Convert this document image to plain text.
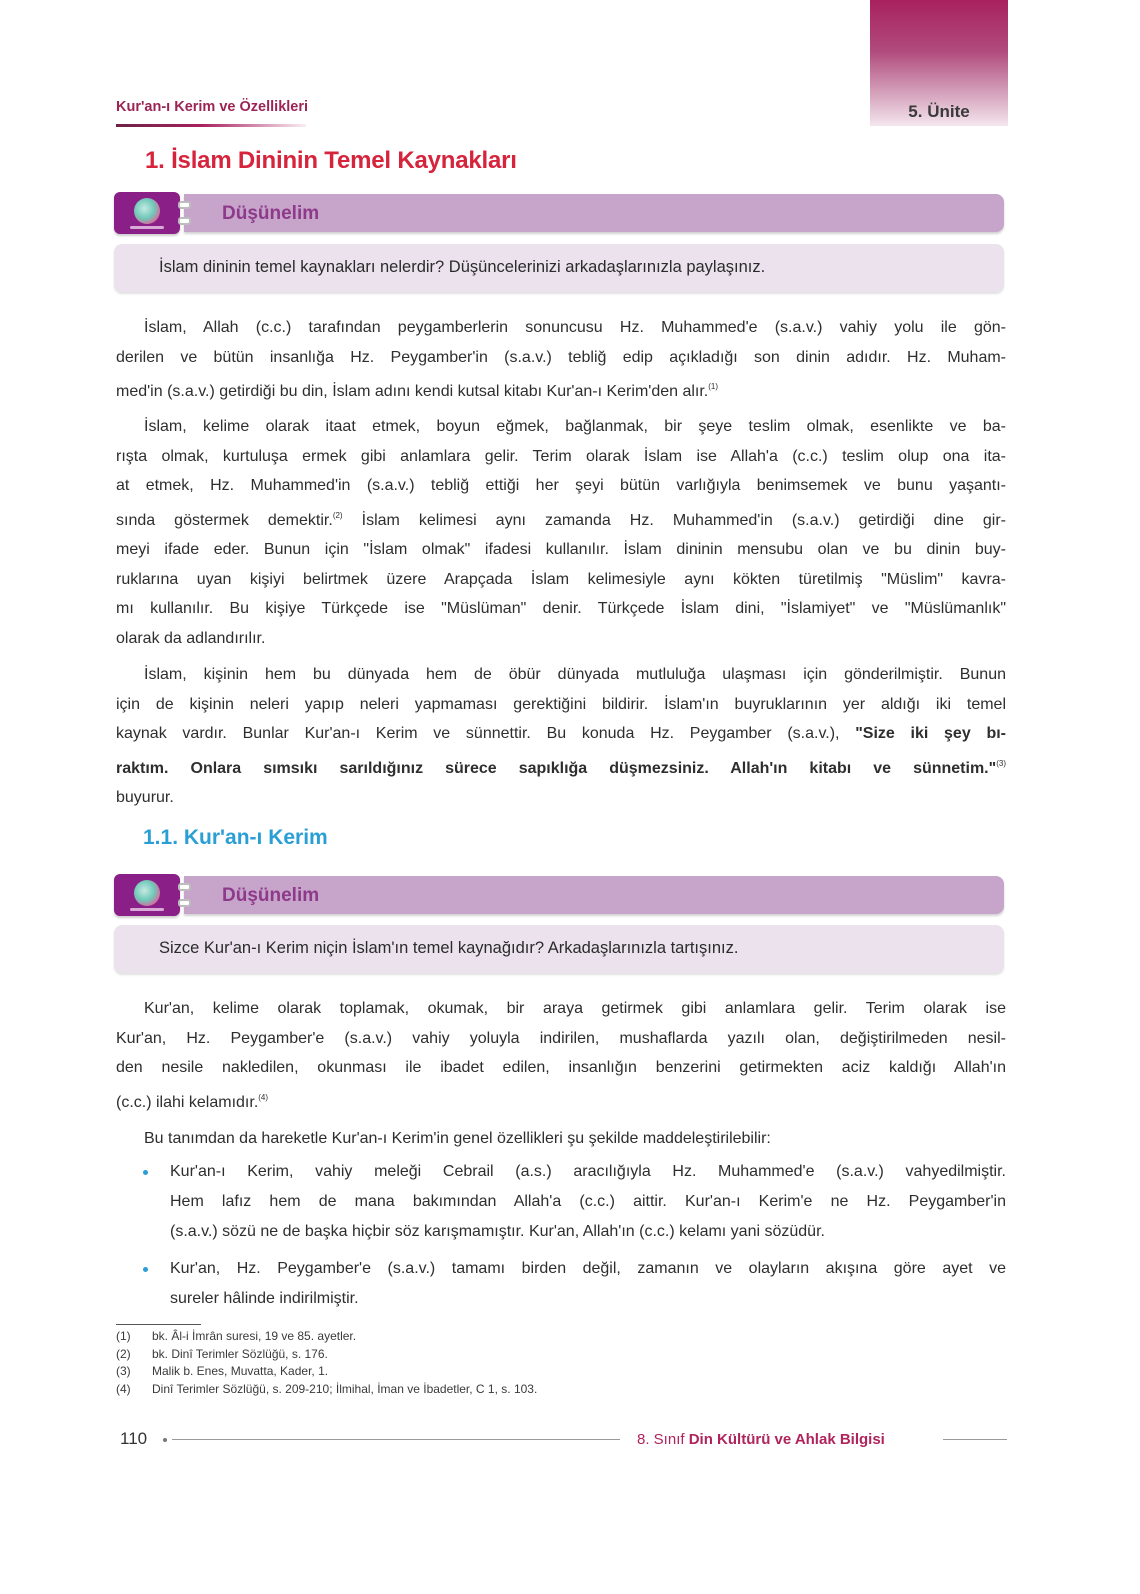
5. Ünite
Kur'an-ı Kerim ve Özellikleri
1. İslam Dininin Temel Kaynakları
Düşünelim
İslam dininin temel kaynakları nelerdir? Düşüncelerinizi arkadaşlarınızla paylaşınız.
İslam, Allah (c.c.) tarafından peygamberlerin sonuncusu Hz. Muhammed'e (s.a.v.) vahiy yolu ile gön-
derilen ve bütün insanlığa Hz. Peygamber'in (s.a.v.) tebliğ edip açıkladığı son dinin adıdır. Hz. Muham-
med'in (s.a.v.) getirdiği bu din, İslam adını kendi kutsal kitabı Kur'an-ı Kerim'den alır.$^{(1)}$
İslam, kelime olarak itaat etmek, boyun eğmek, bağlanmak, bir şeye teslim olmak, esenlikte ve ba-
rışta olmak, kurtuluşa ermek gibi anlamlara gelir. Terim olarak İslam ise Allah'a (c.c.) teslim olup ona ita-
at etmek, Hz. Muhammed'in (s.a.v.) tebliğ ettiği her şeyi bütün varlığıyla benimsemek ve bunu yaşantı-
sında göstermek demektir.$^{(2)}$ İslam kelimesi aynı zamanda Hz. Muhammed'in (s.a.v.) getirdiği dine gir-
meyi ifade eder. Bunun için "İslam olmak" ifadesi kullanılır. İslam dininin mensubu olan ve bu dinin buy-
ruklarına uyan kişiyi belirtmek üzere Arapçada İslam kelimesiyle aynı kökten türetilmiş "Müslim" kavra-
mı kullanılır. Bu kişiye Türkçede ise "Müslüman" denir. Türkçede İslam dini, "İslamiyet" ve "Müslümanlık"
olarak da adlandırılır.
İslam, kişinin hem bu dünyada hem de öbür dünyada mutluluğa ulaşması için gönderilmiştir. Bunun
için de kişinin neleri yapıp neleri yapmaması gerektiğini bildirir. İslam'ın buyruklarının yer aldığı iki temel
kaynak vardır. Bunlar Kur'an-ı Kerim ve sünnettir. Bu konuda Hz. Peygamber (s.a.v.), "Size iki şey bı-
raktım. Onlara sımsıkı sarıldığınız sürece sapıklığa düşmezsiniz. Allah'ın kitabı ve sünnetim."$^{(3)}$
buyurur.
1.1. Kur'an-ı Kerim
Düşünelim
Sizce Kur'an-ı Kerim niçin İslam'ın temel kaynağıdır? Arkadaşlarınızla tartışınız.
Kur'an, kelime olarak toplamak, okumak, bir araya getirmek gibi anlamlara gelir. Terim olarak ise
Kur'an, Hz. Peygamber'e (s.a.v.) vahiy yoluyla indirilen, mushaflarda yazılı olan, değiştirilmeden nesil-
den nesile nakledilen, okunması ile ibadet edilen, insanlığın benzerini getirmekten aciz kaldığı Allah'ın
(c.c.) ilahi kelamıdır.$^{(4)}$
Bu tanımdan da hareketle Kur'an-ı Kerim'in genel özellikleri şu şekilde maddeleştirilebilir:
Kur'an-ı Kerim, vahiy meleği Cebrail (a.s.) aracılığıyla Hz. Muhammed'e (s.a.v.) vahyedilmiştir.
Hem lafız hem de mana bakımından Allah'a (c.c.) aittir. Kur'an-ı Kerim'e ne Hz. Peygamber'in
(s.a.v.) sözü ne de başka hiçbir söz karışmamıştır. Kur'an, Allah'ın (c.c.) kelamı yani sözüdür.
Kur'an, Hz. Peygamber'e (s.a.v.) tamamı birden değil, zamanın ve olayların akışına göre ayet ve
sureler hâlinde indirilmiştir.
(1)	bk. Âl-i İmrân suresi, 19 ve 85. ayetler.
(2)	bk. Dinî Terimler Sözlüğü, s. 176.
(3)	Malik b. Enes, Muvatta, Kader, 1.
(4)	Dinî Terimler Sözlüğü, s. 209-210; İlmihal, İman ve İbadetler, C 1, s. 103.
110	8. Sınıf Din Kültürü ve Ahlak Bilgisi
